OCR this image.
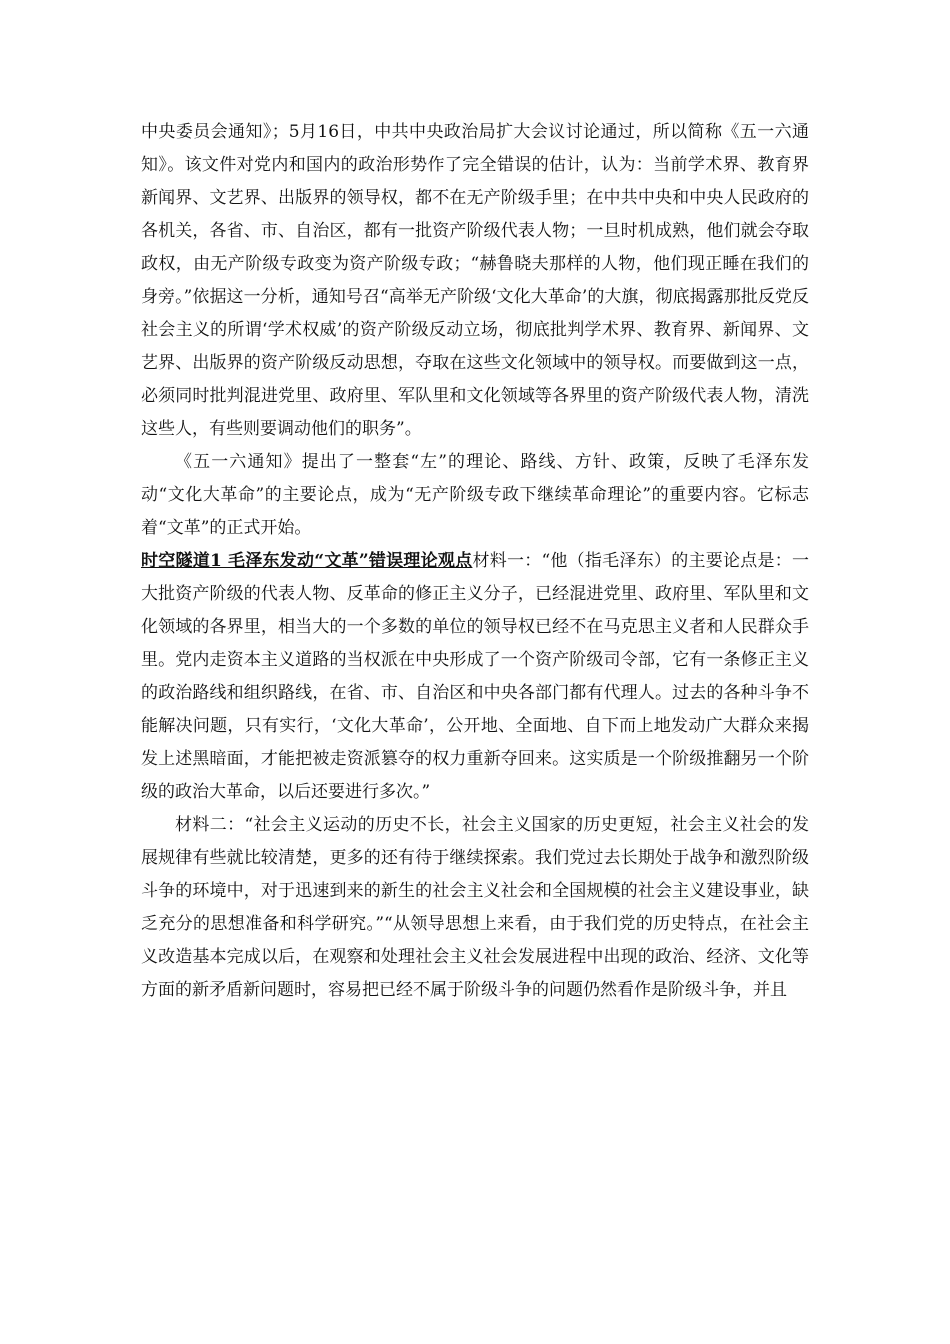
中央委员会通知》；5月16日，中共中央政治局扩大会议讨论通过，所以简称《五一六通知》。该文件对党内和国内的政治形势作了完全错误的估计，认为：当前学术界、教育界新闻界、文艺界、出版界的领导权，都不在无产阶级手里；在中共中央和中央人民政府的各机关，各省、市、自治区，都有一批资产阶级代表人物；一旦时机成熟，他们就会夺取政权，由无产阶级专政变为资产阶级专政；“赫鲁晓夫那样的人物，他们现正睡在我们的身旁。”依据这一分析，通知号召“高举无产阶级‘文化大革命’的大旗，彻底揭露那批反党反社会主义的所谓‘学术权威’的资产阶级反动立场，彻底批判学术界、教育界、新闻界、文艺界、出版界的资产阶级反动思想，夺取在这些文化领域中的领导权。而要做到这一点，必须同时批判混进党里、政府里、军队里和文化领域等各界里的资产阶级代表人物，清洗这些人，有些则要调动他们的职务”。

《五一六通知》提出了一整套“左”的理论、路线、方针、政策，反映了毛泽东发动“文化大革命”的主要论点，成为“无产阶级专政下继续革命理论”的重要内容。它标志着“文革”的正式开始。

时空隧道1 毛泽东发动“文革”错误理论观点材料一：“他（指毛泽东）的主要论点是：一大批资产阶级的代表人物、反革命的修正主义分子，已经混进党里、政府里、军队里和文化领域的各界里，相当大的一个多数的单位的领导权已经不在马克思主义者和人民群众手里。党内走资本主义道路的当权派在中央形成了一个资产阶级司令部，它有一条修正主义的政治路线和组织路线，在省、市、自治区和中央各部门都有代理人。过去的各种斗争不能解决问题，只有实行，‘文化大革命’，公开地、全面地、自下而上地发动广大群众来揭发上述黑暗面，才能把被走资派篡夺的权力重新夺回来。这实质是一个阶级推翻另一个阶级的政治大革命，以后还要进行多次。”

材料二：“社会主义运动的历史不长，社会主义国家的历史更短，社会主义社会的发展规律有些就比较清楚，更多的还有待于继续探索。我们党过去长期处于战争和激烈阶级斗争的环境中，对于迅速到来的新生的社会主义社会和全国规模的社会主义建设事业，缺乏充分的思想准备和科学研究。”“从领导思想上来看，由于我们党的历史特点，在社会主义改造基本完成以后，在观察和处理社会主义社会发展进程中出现的政治、经济、文化等方面的新矛盾新问题时，容易把已经不属于阶级斗争的问题仍然看作是阶级斗争，并且
